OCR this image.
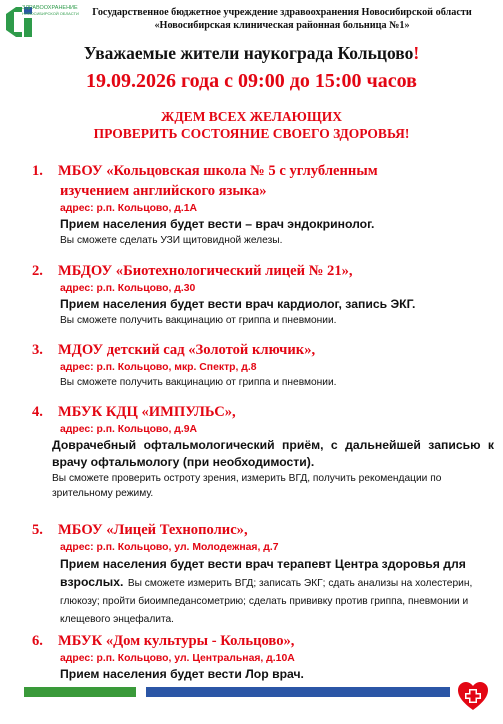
ЗДРАВООХРАНЕНИЕ
НОВОСИБИРСКОЙ ОБЛАСТИ	Государственное бюджетное учреждение здравоохранения Новосибирской области
«Новосибирская клиническая районная больница №1»
Уважаемые жители наукограда Кольцово!
19.09.2026 года с 09:00 до 15:00 часов
ЖДЕМ ВСЕХ ЖЕЛАЮЩИХ
ПРОВЕРИТЬ СОСТОЯНИЕ СВОЕГО ЗДОРОВЬЯ!
1. МБОУ «Кольцовская школа № 5 с углубленным
изучением английского языка»
адрес: р.п. Кольцово, д.1А
Прием населения будет вести – врач эндокринолог.
Вы сможете сделать УЗИ щитовидной железы.
2. МБДОУ «Биотехнологический лицей № 21»,
адрес: р.п. Кольцово, д.30
Прием населения будет вести врач кардиолог, запись ЭКГ.
Вы сможете получить вакцинацию от гриппа и пневмонии.
3. МДОУ детский сад «Золотой ключик»,
адрес: р.п. Кольцово, мкр. Спектр, д.8
Вы сможете получить вакцинацию от гриппа и пневмонии.
4. МБУК КДЦ «ИМПУЛЬС»,
адрес: р.п. Кольцово, д.9А
Доврачебный офтальмологический приём, с дальнейшей записью к врачу офтальмологу (при необходимости).
Вы сможете проверить остроту зрения, измерить ВГД, получить рекомендации по зрительному режиму.
5. МБОУ «Лицей Технополис»,
адрес: р.п. Кольцово, ул. Молодежная, д.7
Прием населения будет вести врач терапевт Центра здоровья для взрослых. Вы сможете измерить ВГД; записать ЭКГ; сдать анализы на холестерин, глюкозу; пройти биоимпедансометрию; сделать прививку против гриппа, пневмонии и клещевого энцефалита.
6. МБУК «Дом культуры - Кольцово»,
адрес: р.п. Кольцово, ул. Центральная, д.10А
Прием населения будет вести Лор врач.
